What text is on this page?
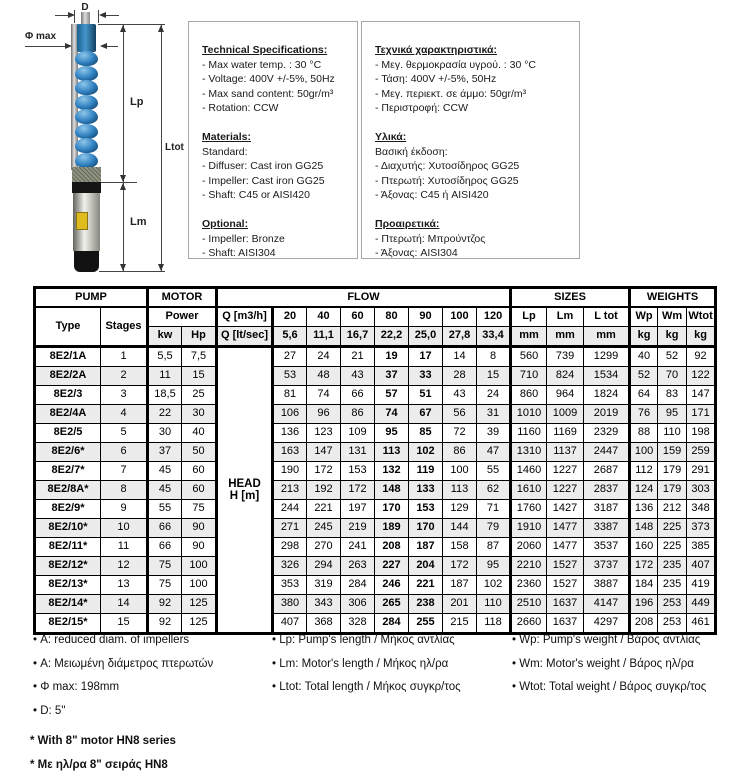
D
Φ max
Lp
Lm
Ltot
Technical Specifications:
- Max water temp. : 30 °C
- Voltage: 400V +/-5%, 50Hz
- Max sand content: 50gr/m³
- Rotation: CCW
Materials:
Standard:
- Diffuser: Cast iron GG25
- Impeller: Cast iron GG25
- Shaft: C45 or AISI420
Optional:
- Impeller: Bronze
- Shaft: AISI304
Τεχνικά χαρακτηριστικά:
- Μεγ. θερμοκρασία υγρού. : 30 °C
- Τάση: 400V +/-5%, 50Hz
- Μεγ. περιεκτ. σε άμμο: 50gr/m³
- Περιστροφή: CCW
Υλικά:
Βασική έκδοση:
- Διαχυτής: Χυτοσίδηρος GG25
- Πτερωτή: Χυτοσίδηρος GG25
- Άξονας: C45 ή AISI420
Προαιρετικά:
- Πτερωτή: Μπρούντζος
- Άξονας: AISI304
PUMP		MOTOR		FLOW								SIZES			WEIGHTS		
Type	Stages	Power		Q [m3/h]	20	40	60	80	90	100	120	Lp	Lm	L tot	Wp	Wm	Wtot
		kw	Hp	Q [lt/sec]	5,6	11,1	16,7	22,2	25,0	27,8	33,4	mm	mm	mm	kg	kg	kg
8E2/1A	1	5,5	7,5	HEAD
H [m]	27	24	21	19	17	14	8	560	739	1299	40	52	92
8E2/2A	2	11	15		53	48	43	37	33	28	15	710	824	1534	52	70	122
8E2/3	3	18,5	25		81	74	66	57	51	43	24	860	964	1824	64	83	147
8E2/4A	4	22	30		106	96	86	74	67	56	31	1010	1009	2019	76	95	171
8E2/5	5	30	40		136	123	109	95	85	72	39	1160	1169	2329	88	110	198
8E2/6*	6	37	50		163	147	131	113	102	86	47	1310	1137	2447	100	159	259
8E2/7*	7	45	60		190	172	153	132	119	100	55	1460	1227	2687	112	179	291
8E2/8A*	8	45	60		213	192	172	148	133	113	62	1610	1227	2837	124	179	303
8E2/9*	9	55	75		244	221	197	170	153	129	71	1760	1427	3187	136	212	348
8E2/10*	10	66	90		271	245	219	189	170	144	79	1910	1477	3387	148	225	373
8E2/11*	11	66	90		298	270	241	208	187	158	87	2060	1477	3537	160	225	385
8E2/12*	12	75	100		326	294	263	227	204	172	95	2210	1527	3737	172	235	407
8E2/13*	13	75	100		353	319	284	246	221	187	102	2360	1527	3887	184	235	419
8E2/14*	14	92	125		380	343	306	265	238	201	110	2510	1637	4147	196	253	449
8E2/15*	15	92	125		407	368	328	284	255	215	118	2660	1637	4297	208	253	461
• A: reduced diam. of impellers
• A: Μειωμένη διάμετρος πτερωτών
• Φ max: 198mm
• D: 5"
• Lp: Pump's length / Μήκος αντλίας
• Lm: Motor's length / Μήκος ηλ/ρα
• Ltot: Total length / Μήκος συγκρ/τος
• Wp: Pump's weight / Βάρος αντλίας
• Wm: Motor's weight / Βάρος ηλ/ρα
• Wtot: Total weight / Βάρος συγκρ/τος
* With 8" motor HN8 series
* Με ηλ/ρα 8" σειράς HN8
